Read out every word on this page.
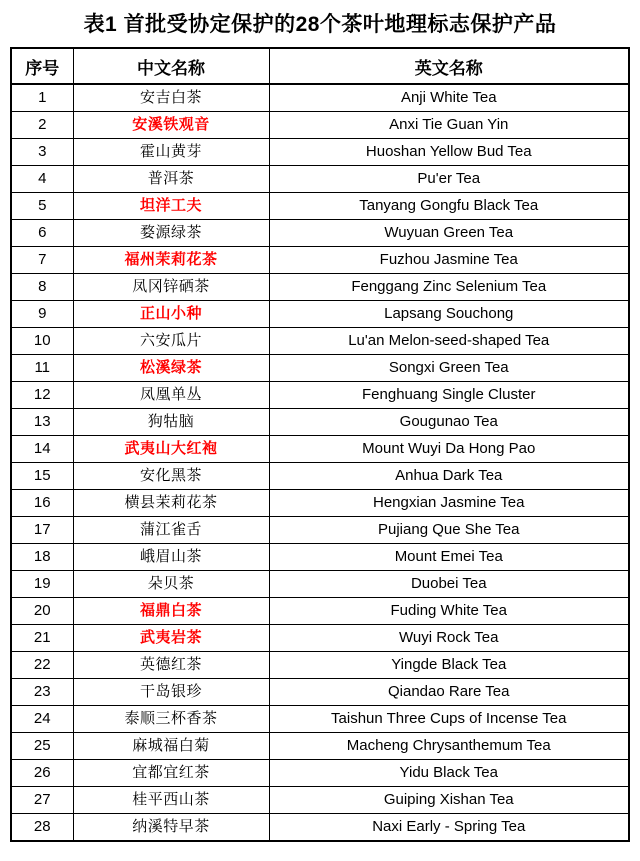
表1 首批受协定保护的28个茶叶地理标志保护产品
序号	中文名称	英文名称
1	安吉白茶	Anji White Tea
2	安溪铁观音	Anxi Tie Guan Yin
3	霍山黄芽	Huoshan Yellow Bud Tea
4	普洱茶	Pu'er Tea
5	坦洋工夫	Tanyang Gongfu Black Tea
6	婺源绿茶	Wuyuan Green Tea
7	福州茉莉花茶	Fuzhou Jasmine Tea
8	凤冈锌硒茶	Fenggang Zinc Selenium Tea
9	正山小种	Lapsang Souchong
10	六安瓜片	Lu'an Melon-seed-shaped Tea
11	松溪绿茶	Songxi Green Tea
12	凤凰单丛	Fenghuang Single Cluster
13	狗牯脑	Gougunao Tea
14	武夷山大红袍	Mount Wuyi Da Hong Pao
15	安化黑茶	Anhua Dark Tea
16	横县茉莉花茶	Hengxian Jasmine Tea
17	蒲江雀舌	Pujiang Que She Tea
18	峨眉山茶	Mount Emei Tea
19	朵贝茶	Duobei Tea
20	福鼎白茶	Fuding White Tea
21	武夷岩茶	Wuyi Rock Tea
22	英德红茶	Yingde Black Tea
23	干岛银珍	Qiandao Rare Tea
24	泰顺三杯香茶	Taishun Three Cups of Incense Tea
25	麻城福白菊	Macheng Chrysanthemum Tea
26	宜都宜红茶	Yidu Black Tea
27	桂平西山茶	Guiping Xishan Tea
28	纳溪特早茶	Naxi Early - Spring Tea
